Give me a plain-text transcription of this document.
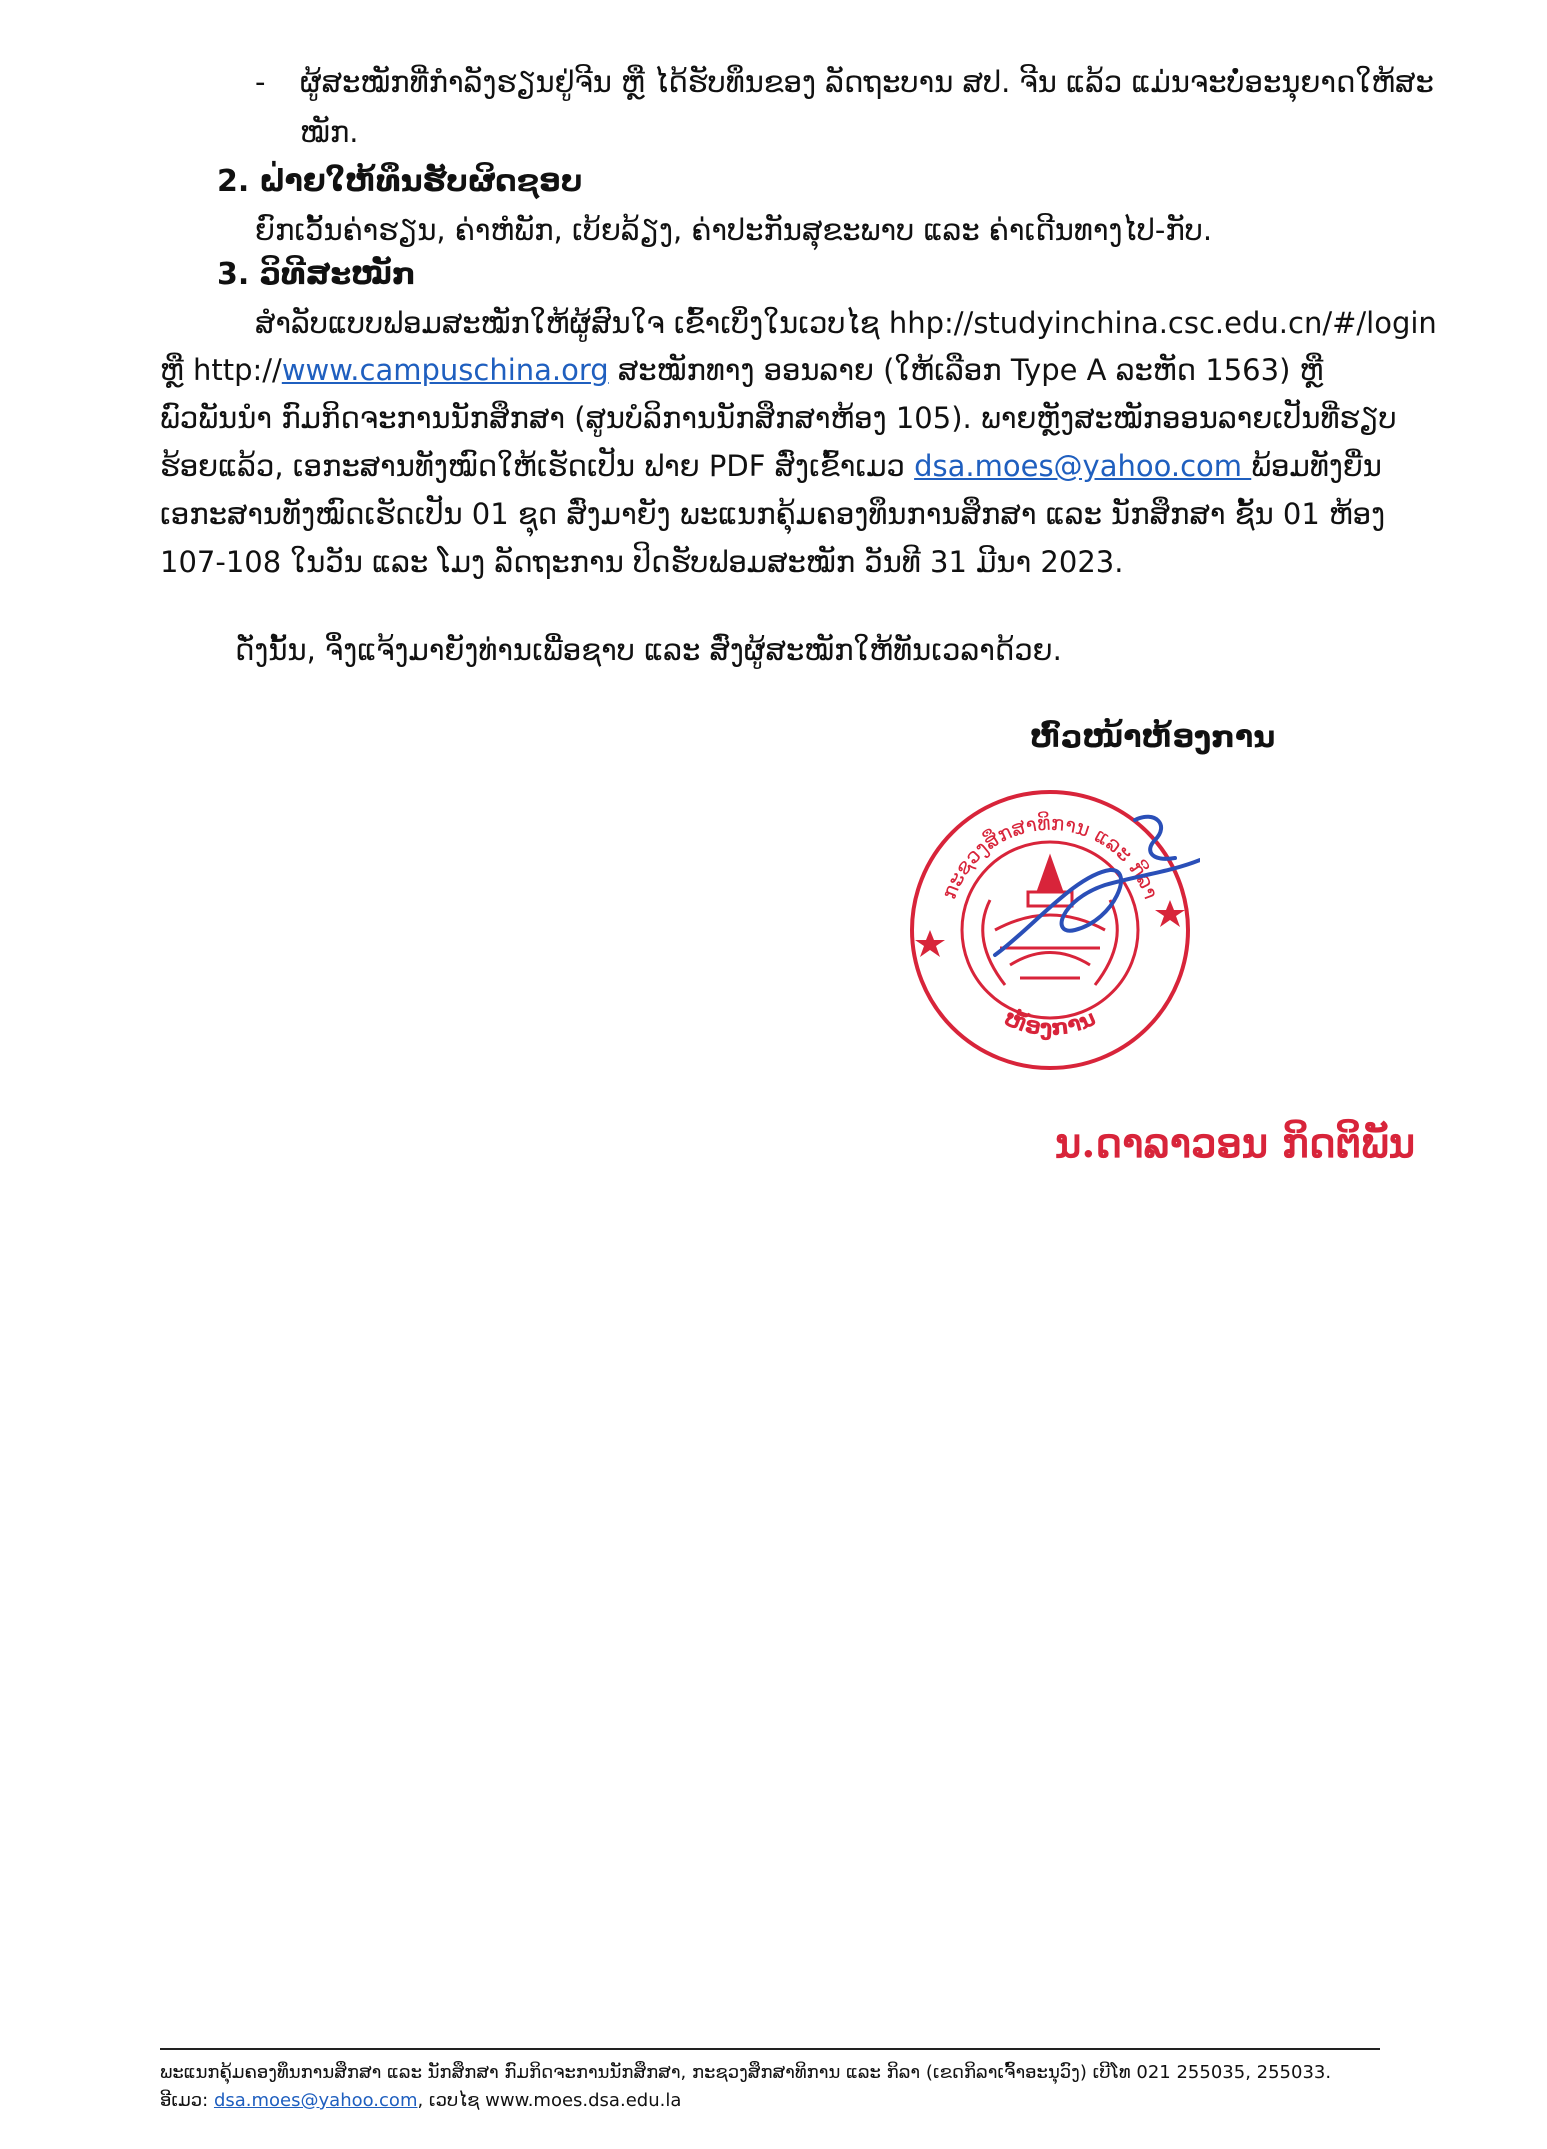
- ຜູ້ສະໝັກທີ່ກຳລັງຮຽນຢູ່ຈີນ ຫຼື ໄດ້ຮັບທຶນຂອງ ລັດຖະບານ ສປ. ຈີນ ແລ້ວ ແມ່ນຈະບໍ່ອະນຸຍາດໃຫ້ສະ
ໝັກ.
2. ຝ່າຍໃຫ້ທຶນຮັບຜິດຊອບ
ຍົກເວັ້ນຄ່າຮຽນ, ຄ່າຫໍພັກ, ເບ້ຍລ້ຽງ, ຄ່າປະກັນສຸຂະພາບ ແລະ ຄ່າເດີນທາງໄປ-ກັບ.
3. ວິທີສະໝັກ
ສຳລັບແບບຟອມສະໝັກໃຫ້ຜູ້ສົນໃຈ ເຂົ້າເບິ່ງໃນເວບໄຊ hhp://studyinchina.csc.edu.cn/#/login
ຫຼື http://www.campuschina.org ສະໝັກທາງ ອອນລາຍ (ໃຫ້ເລືອກ Type A ລະຫັດ 1563) ຫຼື
ພົວພັນນຳ ກົມກິດຈະການນັກສຶກສາ (ສູນບໍລິການນັກສຶກສາຫ້ອງ 105). ພາຍຫຼັງສະໝັກອອນລາຍເປັນທີ່ຮຽບ
ຮ້ອຍແລ້ວ, ເອກະສານທັງໝົດໃຫ້ເຮັດເປັນ ຟາຍ PDF ສົ່ງເຂົ້າເມວ dsa.moes@yahoo.com ພ້ອມທັງຍື່ນ
ເອກະສານທັງໝົດເຮັດເປັນ 01 ຊຸດ ສົ່ງມາຍັງ ພະແນກຄຸ້ມຄອງທຶນການສຶກສາ ແລະ ນັກສຶກສາ ຊັ້ນ 01 ຫ້ອງ
107-108 ໃນວັນ ແລະ ໂມງ ລັດຖະການ ປິດຮັບຟອມສະໝັກ ວັນທີ 31 ມີນາ 2023.
ດັ່ງນັ້ນ, ຈຶ່ງແຈ້ງມາຍັງທ່ານເພື່ອຊາບ ແລະ ສົ່ງຜູ້ສະໝັກໃຫ້ທັນເວລາດ້ວຍ.
ຫົວໜ້າຫ້ອງການ
ກະຊວງສຶກສາທິການ ແລະ ກິລາ
ຫ້ອງການ
ນ.ດາລາວອນ ກິດຕິພັນ
ພະແນກຄຸ້ມຄອງທຶນການສຶກສາ ແລະ ນັກສຶກສາ ກົມກິດຈະການນັກສຶກສາ, ກະຊວງສຶກສາທິການ ແລະ ກິລາ (ເຂດກິລາເຈົ້າອະນຸວົງ) ເບີໂທ 021 255035, 255033.
ອີເມວ: dsa.moes@yahoo.com, ເວບໄຊ www.moes.dsa.edu.la
